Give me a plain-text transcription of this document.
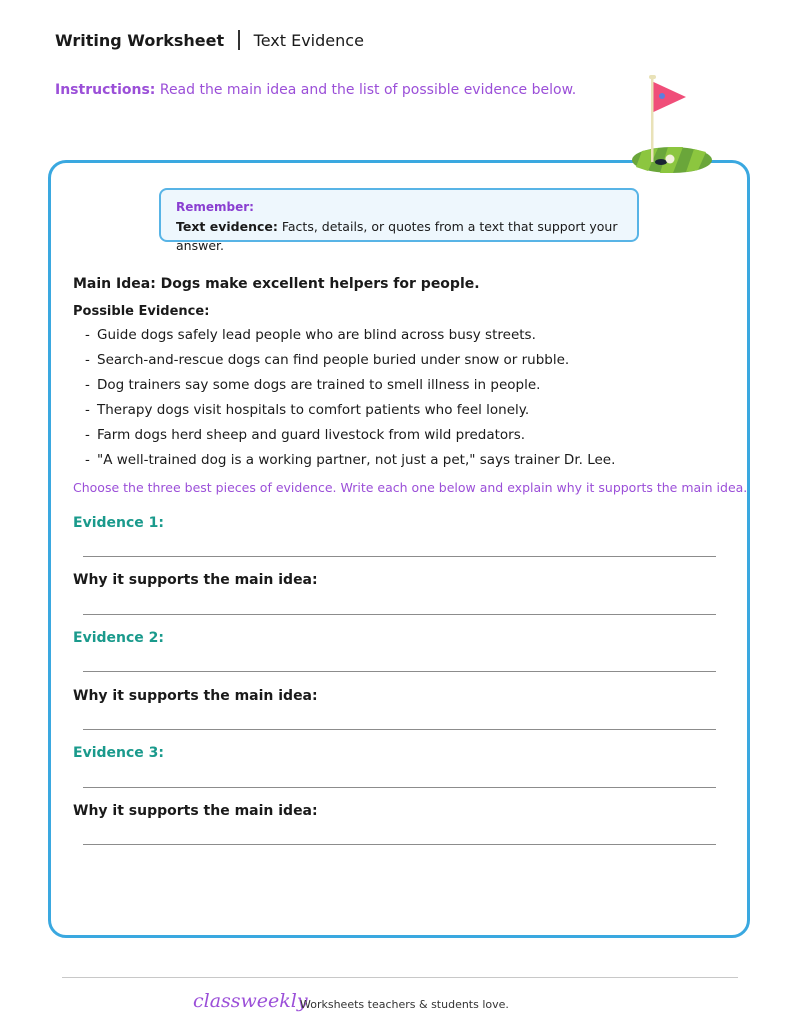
Writing Worksheet Text Evidence
Instructions: Read the main idea and the list of possible evidence below.
Remember:
Text evidence: Facts, details, or quotes from a text that support your answer.
Main Idea: Dogs make excellent helpers for people.
Possible Evidence:
- Guide dogs safely lead people who are blind across busy streets.
- Search-and-rescue dogs can find people buried under snow or rubble.
- Dog trainers say some dogs are trained to smell illness in people.
- Therapy dogs visit hospitals to comfort patients who feel lonely.
- Farm dogs herd sheep and guard livestock from wild predators.
- "A well-trained dog is a working partner, not just a pet," says trainer Dr. Lee.
Choose the three best pieces of evidence. Write each one below and explain why it supports the main idea.
Evidence 1:
Why it supports the main idea:
Evidence 2:
Why it supports the main idea:
Evidence 3:
Why it supports the main idea:
classweekly
Worksheets teachers & students love.
